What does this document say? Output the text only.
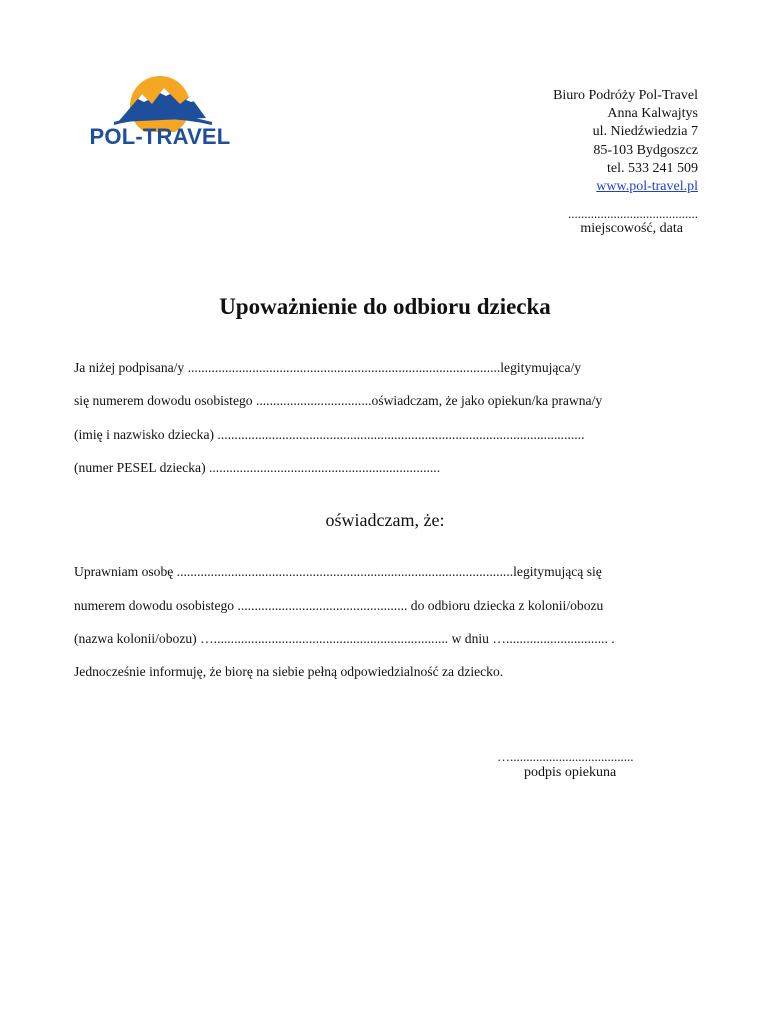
POL-TRAVEL
Biuro Podróży Pol-Travel
Anna Kalwajtys
ul. Niedźwiedzia 7
85-103 Bydgoszcz
tel. 533 241 509
www.pol-travel.pl
........................................
miejscowość, data
Upoważnienie do odbioru dziecka
Ja niżej podpisana/y ............................................................................................legitymująca/y
się numerem dowodu osobistego ..................................oświadczam, że jako opiekun/ka prawna/y
(imię i nazwisko dziecka) ............................................................................................................
(numer PESEL dziecka) ....................................................................
oświadczam, że:
Uprawniam osobę ...................................................................................................legitymującą się
numerem dowodu osobistego .................................................. do odbioru dziecka z kolonii/obozu
(nazwa kolonii/obozu) …..................................................................... w dniu ….............................. .
Jednocześnie informuję, że biorę na siebie pełną odpowiedzialność za dziecko.
…......................................
podpis opiekuna
